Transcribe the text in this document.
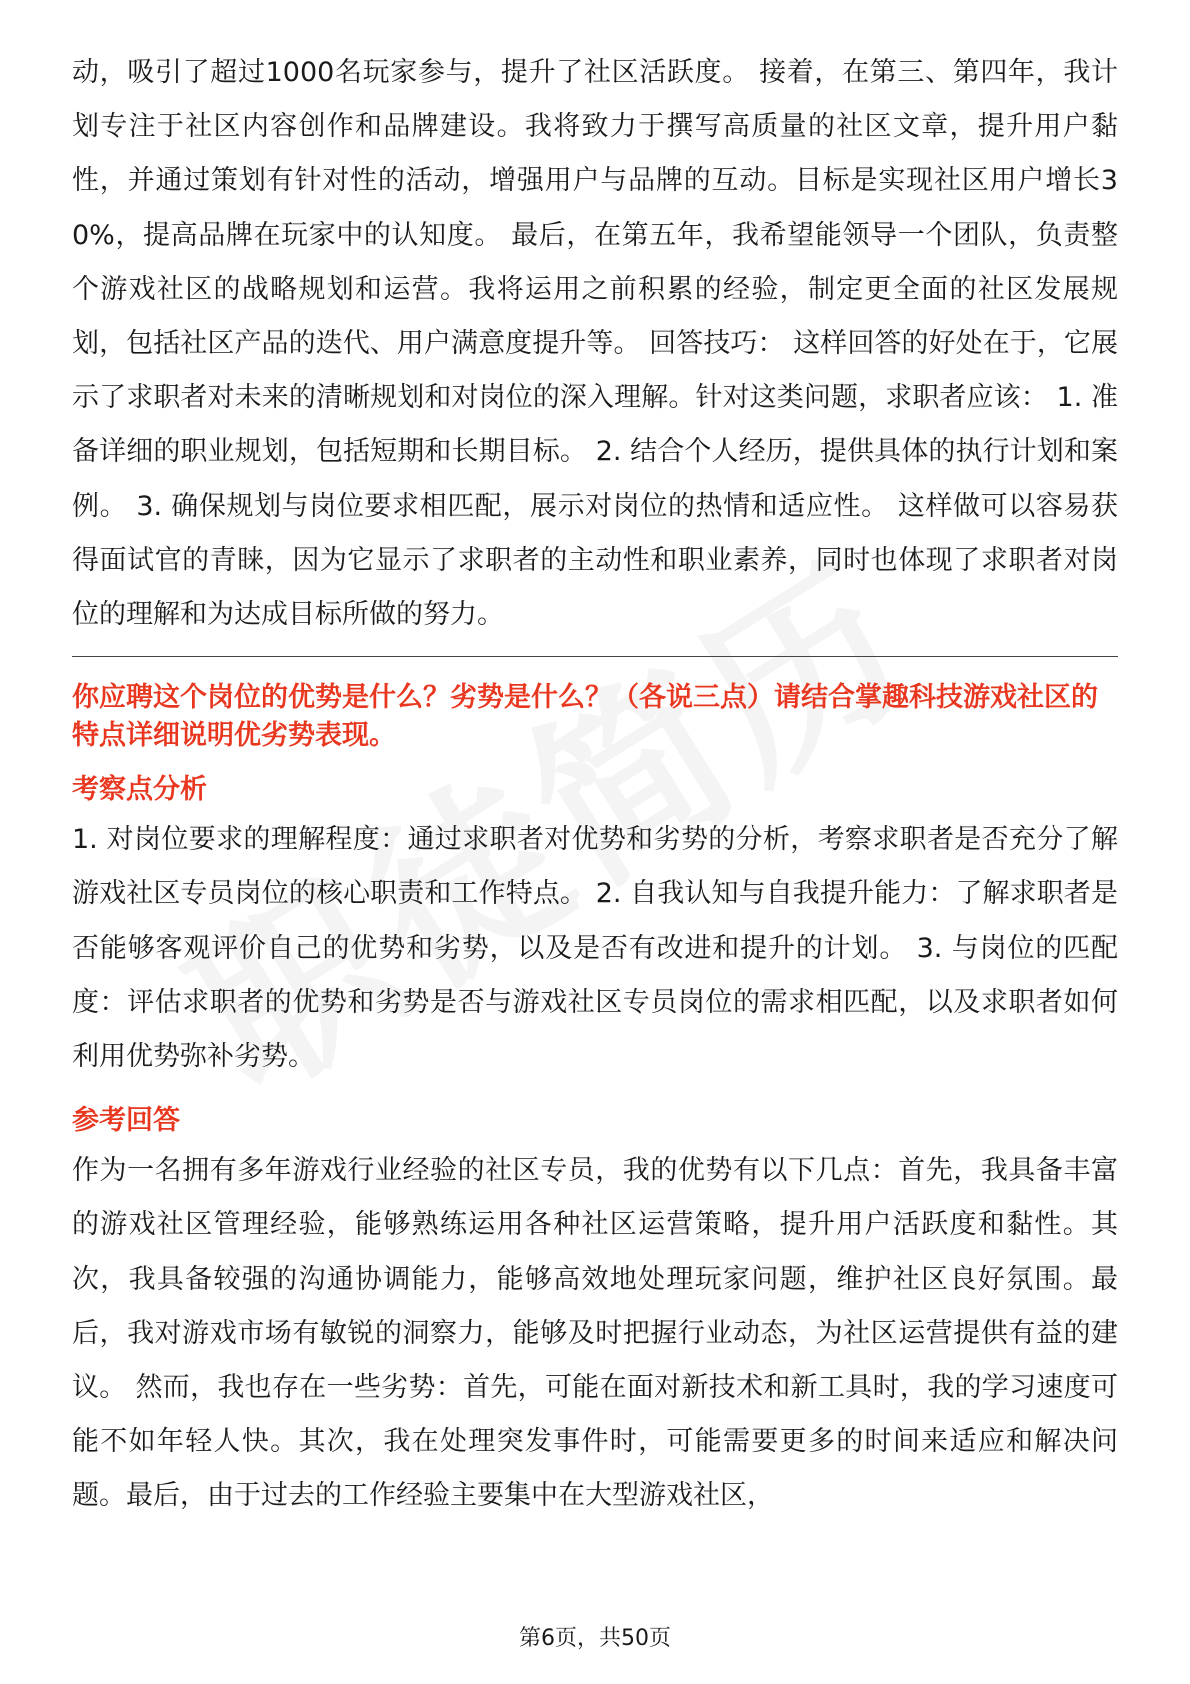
动，吸引了超过1000名玩家参与，提升了社区活跃度。 接着，在第三、第四年，我计划专注于社区内容创作和品牌建设。我将致力于撰写高质量的社区文章，提升用户黏性，并通过策划有针对性的活动，增强用户与品牌的互动。目标是实现社区用户增长30%，提高品牌在玩家中的认知度。 最后，在第五年，我希望能领导一个团队，负责整个游戏社区的战略规划和运营。我将运用之前积累的经验，制定更全面的社区发展规划，包括社区产品的迭代、用户满意度提升等。 回答技巧： 这样回答的好处在于，它展示了求职者对未来的清晰规划和对岗位的深入理解。针对这类问题，求职者应该： 1. 准备详细的职业规划，包括短期和长期目标。 2. 结合个人经历，提供具体的执行计划和案例。 3. 确保规划与岗位要求相匹配，展示对岗位的热情和适应性。 这样做可以容易获得面试官的青睐，因为它显示了求职者的主动性和职业素养，同时也体现了求职者对岗位的理解和为达成目标所做的努力。

你应聘这个岗位的优势是什么？劣势是什么？（各说三点）请结合掌趣科技游戏社区的特点详细说明优劣势表现。

考察点分析

1. 对岗位要求的理解程度：通过求职者对优势和劣势的分析，考察求职者是否充分了解游戏社区专员岗位的核心职责和工作特点。 2. 自我认知与自我提升能力：了解求职者是否能够客观评价自己的优势和劣势，以及是否有改进和提升的计划。 3. 与岗位的匹配度：评估求职者的优势和劣势是否与游戏社区专员岗位的需求相匹配，以及求职者如何利用优势弥补劣势。

参考回答

作为一名拥有多年游戏行业经验的社区专员，我的优势有以下几点：首先，我具备丰富的游戏社区管理经验，能够熟练运用各种社区运营策略，提升用户活跃度和黏性。其次，我具备较强的沟通协调能力，能够高效地处理玩家问题，维护社区良好氛围。最后，我对游戏市场有敏锐的洞察力，能够及时把握行业动态，为社区运营提供有益的建议。 然而，我也存在一些劣势：首先，可能在面对新技术和新工具时，我的学习速度可能不如年轻人快。其次，我在处理突发事件时，可能需要更多的时间来适应和解决问题。最后，由于过去的工作经验主要集中在大型游戏社区，

第6页，共50页
